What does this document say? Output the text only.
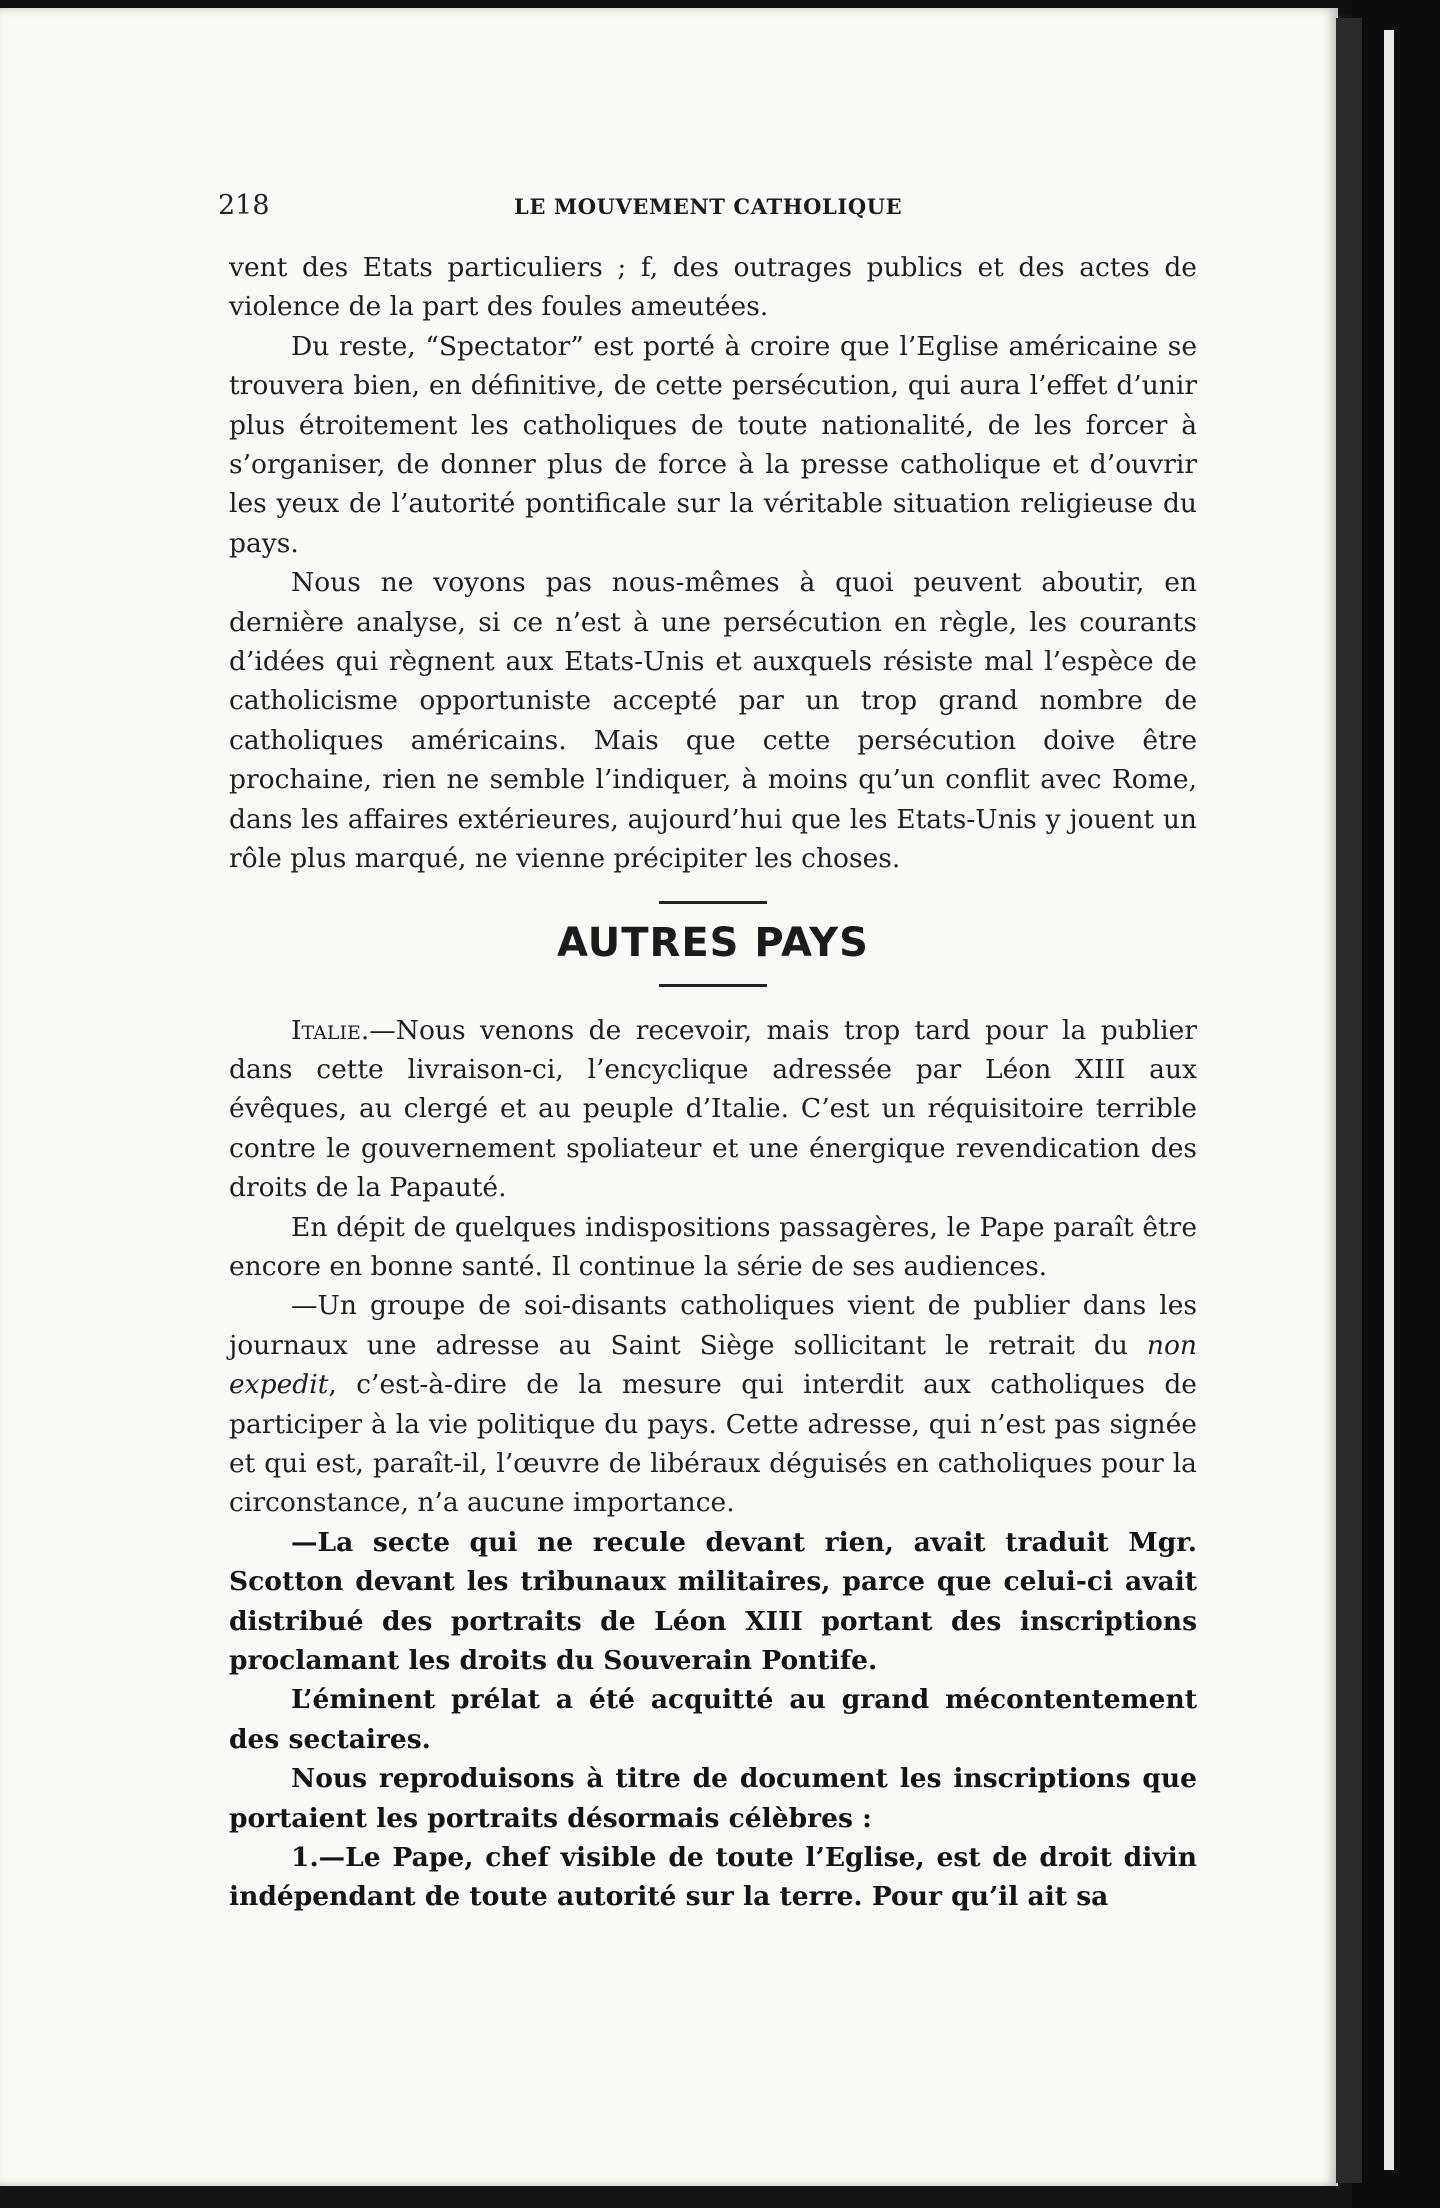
218	LE MOUVEMENT CATHOLIQUE

vent des Etats particuliers ; f, des outrages publics et des actes de violence de la part des foules ameutées.

Du reste, “Spectator” est porté à croire que l’Eglise américaine se trouvera bien, en définitive, de cette persécution, qui aura l’effet d’unir plus étroitement les catholiques de toute nationalité, de les forcer à s’organiser, de donner plus de force à la presse catholique et d’ouvrir les yeux de l’autorité pontificale sur la véritable situation religieuse du pays.

Nous ne voyons pas nous-mêmes à quoi peuvent aboutir, en dernière analyse, si ce n’est à une persécution en règle, les courants d’idées qui règnent aux Etats-Unis et auxquels résiste mal l’espèce de catholicisme opportuniste accepté par un trop grand nombre de catholiques américains. Mais que cette persécution doive être prochaine, rien ne semble l’indiquer, à moins qu’un conflit avec Rome, dans les affaires extérieures, aujourd’hui que les Etats-Unis y jouent un rôle plus marqué, ne vienne précipiter les choses.

AUTRES PAYS

Italie.—Nous venons de recevoir, mais trop tard pour la publier dans cette livraison-ci, l’encyclique adressée par Léon XIII aux évêques, au clergé et au peuple d’Italie. C’est un réquisitoire terrible contre le gouvernement spoliateur et une énergique revendication des droits de la Papauté.

En dépit de quelques indispositions passagères, le Pape paraît être encore en bonne santé. Il continue la série de ses audiences.

—Un groupe de soi-disants catholiques vient de publier dans les journaux une adresse au Saint Siège sollicitant le retrait du non expedit, c’est-à-dire de la mesure qui interdit aux catholiques de participer à la vie politique du pays. Cette adresse, qui n’est pas signée et qui est, paraît-il, l’œuvre de libéraux déguisés en catholiques pour la circonstance, n’a aucune importance.

—La secte qui ne recule devant rien, avait traduit Mgr. Scotton devant les tribunaux militaires, parce que celui-ci avait distribué des portraits de Léon XIII portant des inscriptions proclamant les droits du Souverain Pontife.

L’éminent prélat a été acquitté au grand mécontentement des sectaires.

Nous reproduisons à titre de document les inscriptions que portaient les portraits désormais célèbres :

1.—Le Pape, chef visible de toute l’Eglise, est de droit divin indépendant de toute autorité sur la terre. Pour qu’il ait sa
